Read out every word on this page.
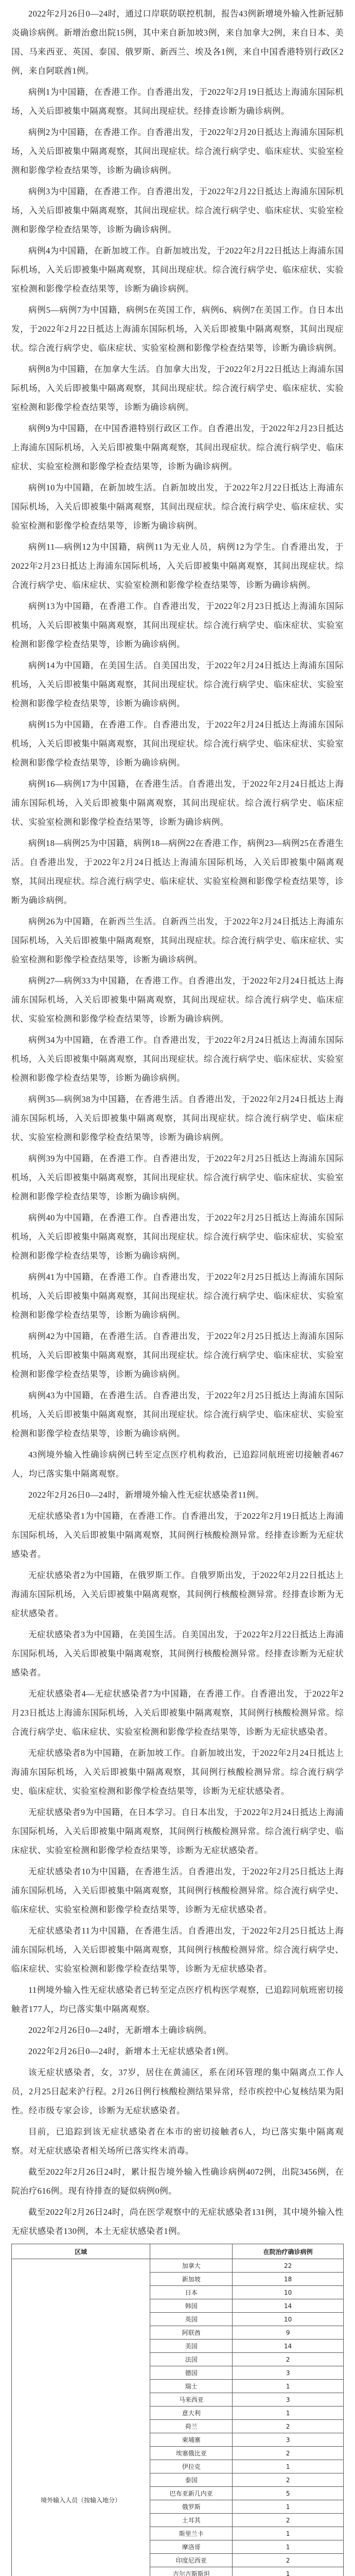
2022年2月26日0—24时，通过口岸联防联控机制，报告43例新增境外输入性新冠肺炎确诊病例。新增治愈出院15例，其中来自新加坡3例，来自加拿大2例，来自日本、美国、马来西亚、英国、泰国、俄罗斯、新西兰、埃及各1例，来自中国香港特别行政区2例，来自阿联酋1例。

病例1为中国籍，在香港工作。自香港出发，于2022年2月19日抵达上海浦东国际机场，入关后即被集中隔离观察。其间出现症状。经排查诊断为确诊病例。

病例2为中国籍，在香港工作。自香港出发，于2022年2月20日抵达上海浦东国际机场，入关后即被集中隔离观察，其间出现症状。综合流行病学史、临床症状、实验室检测和影像学检查结果等，诊断为确诊病例。

病例3为中国籍，在香港工作。自香港出发，于2022年2月22日抵达上海浦东国际机场，入关后即被集中隔离观察，其间出现症状。综合流行病学史、临床症状、实验室检测和影像学检查结果等，诊断为确诊病例。

病例4为中国籍，在新加坡工作。自新加坡出发，于2022年2月22日抵达上海浦东国际机场，入关后即被集中隔离观察，其间出现症状。综合流行病学史、临床症状、实验室检测和影像学检查结果等，诊断为确诊病例。

病例5—病例7为中国籍，病例5在英国工作，病例6、病例7在美国工作。自日本出发，于2022年2月22日抵达上海浦东国际机场，入关后即被集中隔离观察，其间出现症状。综合流行病学史、临床症状、实验室检测和影像学检查结果等，诊断为确诊病例。

病例8为中国籍，在加拿大生活。自加拿大出发，于2022年2月22日抵达上海浦东国际机场，入关后即被集中隔离观察，其间出现症状。综合流行病学史、临床症状、实验室检测和影像学检查结果等，诊断为确诊病例。

病例9为中国籍，在中国香港特别行政区工作。自香港出发，于2022年2月23日抵达上海浦东国际机场，入关后即被集中隔离观察，其间出现症状。综合流行病学史、临床症状、实验室检测和影像学检查结果等，诊断为确诊病例。

病例10为中国籍，在新加坡生活。自新加坡出发，于2022年2月22日抵达上海浦东国际机场，入关后即被集中隔离观察，其间出现症状。综合流行病学史、临床症状、实验室检测和影像学检查结果等，诊断为确诊病例。

病例11—病例12为中国籍，病例11为无业人员，病例12为学生。自香港出发，于2022年2月23日抵达上海浦东国际机场，入关后即被集中隔离观察，其间出现症状。综合流行病学史、临床症状、实验室检测和影像学检查结果等，诊断为确诊病例。

病例13为中国籍，在香港工作。自香港出发，于2022年2月23日抵达上海浦东国际机场，入关后即被集中隔离观察，其间出现症状。综合流行病学史、临床症状、实验室检测和影像学检查结果等，诊断为确诊病例。

病例14为中国籍，在美国生活。自美国出发，于2022年2月24日抵达上海浦东国际机场，入关后即被集中隔离观察，其间出现症状。综合流行病学史、临床症状、实验室检测和影像学检查结果等，诊断为确诊病例。

病例15为中国籍，在香港工作。自香港出发，于2022年2月24日抵达上海浦东国际机场，入关后即被集中隔离观察，其间出现症状。综合流行病学史、临床症状、实验室检测和影像学检查结果等，诊断为确诊病例。

病例16—病例17为中国籍，在香港生活。自香港出发，于2022年2月24日抵达上海浦东国际机场，入关后即被集中隔离观察，其间出现症状。综合流行病学史、临床症状、实验室检测和影像学检查结果等，诊断为确诊病例。

病例18—病例25为中国籍，病例18—病例22在香港工作，病例23—病例25在香港生活。自香港出发，于2022年2月24日抵达上海浦东国际机场，入关后即被集中隔离观察，其间出现症状。综合流行病学史、临床症状、实验室检测和影像学检查结果等，诊断为确诊病例。

病例26为中国籍，在新西兰生活。自新西兰出发，于2022年2月24日抵达上海浦东国际机场，入关后即被集中隔离观察，其间出现症状。综合流行病学史、临床症状、实验室检测和影像学检查结果等，诊断为确诊病例。

病例27—病例33为中国籍，在香港工作。自香港出发，于2022年2月24日抵达上海浦东国际机场，入关后即被集中隔离观察，其间出现症状。综合流行病学史、临床症状、实验室检测和影像学检查结果等，诊断为确诊病例。

病例34为中国籍，在香港工作。自香港出发，于2022年2月24日抵达上海浦东国际机场，入关后即被集中隔离观察，其间出现症状。综合流行病学史、临床症状、实验室检测和影像学检查结果等，诊断为确诊病例。

病例35—病例38为中国籍，在香港生活。自香港出发，于2022年2月24日抵达上海浦东国际机场，入关后即被集中隔离观察，其间出现症状。综合流行病学史、临床症状、实验室检测和影像学检查结果等，诊断为确诊病例。

病例39为中国籍，在香港工作。自香港出发，于2022年2月25日抵达上海浦东国际机场，入关后即被集中隔离观察，其间出现症状。综合流行病学史、临床症状、实验室检测和影像学检查结果等，诊断为确诊病例。

病例40为中国籍，在香港工作。自香港出发，于2022年2月25日抵达上海浦东国际机场，入关后即被集中隔离观察，其间出现症状。综合流行病学史、临床症状、实验室检测和影像学检查结果等，诊断为确诊病例。

病例41为中国籍，在香港工作。自香港出发，于2022年2月25日抵达上海浦东国际机场，入关后即被集中隔离观察，其间出现症状。综合流行病学史、临床症状、实验室检测和影像学检查结果等，诊断为确诊病例。

病例42为中国籍，在香港生活。自香港出发，于2022年2月25日抵达上海浦东国际机场，入关后即被集中隔离观察，其间出现症状。综合流行病学史、临床症状、实验室检测和影像学检查结果等，诊断为确诊病例。

病例43为中国籍，在香港生活。自香港出发，于2022年2月25日抵达上海浦东国际机场，入关后即被集中隔离观察，其间出现症状。综合流行病学史、临床症状、实验室检测和影像学检查结果等，诊断为确诊病例。

43例境外输入性确诊病例已转至定点医疗机构救治，已追踪同航班密切接触者467人，均已落实集中隔离观察。

2022年2月26日0—24时，新增境外输入性无症状感染者11例。

无症状感染者1为中国籍，在香港工作。自香港出发，于2022年2月19日抵达上海浦东国际机场，入关后即被集中隔离观察，其间例行核酸检测异常。经排查诊断为无症状感染者。

无症状感染者2为中国籍，在俄罗斯工作。自俄罗斯出发，于2022年2月22日抵达上海浦东国际机场，入关后即被集中隔离观察，其间例行核酸检测异常。经排查诊断为无症状感染者。

无症状感染者3为中国籍，在美国生活。自美国出发，于2022年2月22日抵达上海浦东国际机场，入关后即被集中隔离观察，其间例行核酸检测异常。经排查诊断为无症状感染者。

无症状感染者4—无症状感染者7为中国籍，在香港工作。自香港出发，于2022年2月23日抵达上海浦东国际机场，入关后即被集中隔离观察，其间例行核酸检测异常。综合流行病学史、临床症状、实验室检测和影像学检查结果等，诊断为无症状感染者。

无症状感染者8为中国籍，在新加坡工作。自新加坡出发，于2022年2月24日抵达上海浦东国际机场，入关后即被集中隔离观察，其间例行核酸检测异常。综合流行病学史、临床症状、实验室检测和影像学检查结果等，诊断为无症状感染者。

无症状感染者9为中国籍，在日本学习。自日本出发，于2022年2月24日抵达上海浦东国际机场，入关后即被集中隔离观察，其间例行核酸检测异常。综合流行病学史、临床症状、实验室检测和影像学检查结果等，诊断为无症状感染者。

无症状感染者10为中国籍，在香港生活。自香港出发，于2022年2月25日抵达上海浦东国际机场，入关后即被集中隔离观察，其间例行核酸检测异常。综合流行病学史、临床症状、实验室检测和影像学检查结果等，诊断为无症状感染者。

无症状感染者11为中国籍，在香港生活。自香港出发，于2022年2月25日抵达上海浦东国际机场，入关后即被集中隔离观察，其间例行核酸检测异常。综合流行病学史、临床症状、实验室检测和影像学检查结果等，诊断为无症状感染者。

11例境外输入性无症状感染者已转至定点医疗机构医学观察，已追踪同航班密切接触者177人，均已落实集中隔离观察。

2022年2月26日0—24时，无新增本土确诊病例。

2022年2月26日0—24时，新增本土无症状感染者1例。

该无症状感染者，女，37岁，居住在黄浦区，系在闭环管理的集中隔离点工作人员，2月25日起来沪行程。2月26日例行核酸检测结果异常，经市疾控中心复核结果为阳性。经市级专家会诊，诊断为无症状感染者。

目前，已追踪到该无症状感染者在本市的密切接触者6人，均已落实集中隔离观察。对无症状感染者相关场所已落实终末消毒。

截至2022年2月26日24时，累计报告境外输入性确诊病例4072例，出院3456例，在院治疗616例。现有待排查的疑似病例0例。

截至2022年2月26日24时，尚在医学观察中的无症状感染者131例，其中境外输入性无症状感染者130例，本土无症状感染者1例。

区域		在院治疗确诊病例
境外输入人员（按输入地分）	加拿大	22
	新加坡	18
	日本	10
	韩国	14
	英国	10
	阿联酋	9
	美国	14
	法国	2
	德国	3
	瑞士	1
	马来西亚	3
	意大利	1
	荷兰	2
	柬埔寨	3
	埃塞俄比亚	2
	伊拉克	1
	泰国	2
	巴布亚新几内亚	5
	俄罗斯	1
	土耳其	2
	斯里兰卡	1
	摩洛哥	1
	印度尼西亚	2
	吉尔吉斯斯坦	1
